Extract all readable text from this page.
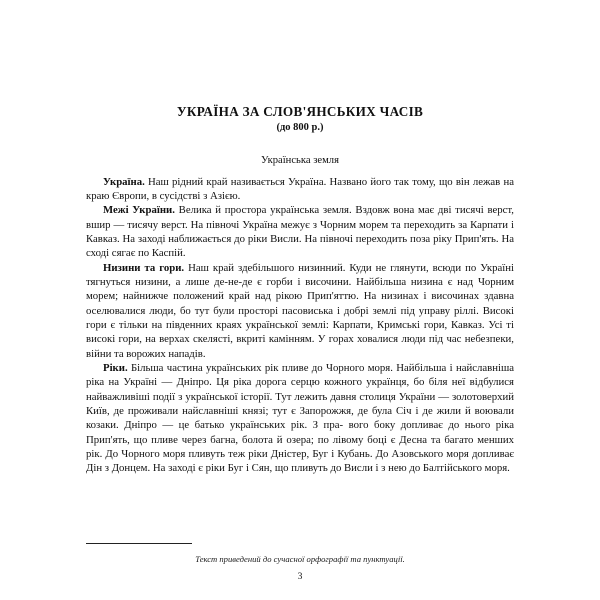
УКРАЇНА ЗА СЛОВ'ЯНСЬКИХ ЧАСІВ
(до 800 р.)
Українська земля

Україна. Наш рідний край називається Україна. Названо його так тому, що він лежав на краю Європи, в сусідстві з Азією.

Межі України. Велика й простора українська земля. Вздовж вона має дві тисячі верст, вшир — тисячу верст. На півночі Україна межує з Чорним морем та переходить за Карпати і Кавказ. На заході наближається до ріки Висли. На півночі переходить поза ріку Прип'ять. На сході сягає по Каспій.

Низини та гори. Наш край здебільшого низинний. Куди не глянути, всюди по Україні тягнуться низини, а лише де-не-де є горби і височини. Найбільша низина є над Чорним морем; найнижче положений край над рікою Прип'яттю. На низинах і височинах здавна оселювалися люди, бо тут були просторі пасовиська і добрі землі під управу ріллі. Високі гори є тільки на південних краях української землі: Карпати, Кримські гори, Кавказ. Усі ті високі гори, на верхах скелясті, вкриті камінням. У горах ховалися люди під час небезпеки, війни та ворожих нападів.

Ріки. Більша частина українських рік пливе до Чорного моря. Найбільша і найславніша ріка на Україні — Дніпро. Ця ріка дорога серцю кожного українця, бо біля неї відбулися найважливіші події з української історії. Тут лежить давня столиця України — золотоверхий Київ, де проживали найславніші князі; тут є Запорожжя, де була Січ і де жили й воювали козаки. Дніпро — це батько українських рік. З пра- вого боку допливає до нього ріка Прип'ять, що пливе через багна, болота й озера; по лівому боці є Десна та багато менших рік. До Чорного моря пливуть теж ріки Дністер, Буг і Кубань. До Азовського моря допливає Дін з Донцем. На заході є ріки Буг і Сян, що пливуть до Висли і з нею до Балтійського моря.

Текст приведений до сучасної орфографії та пунктуації.
3
